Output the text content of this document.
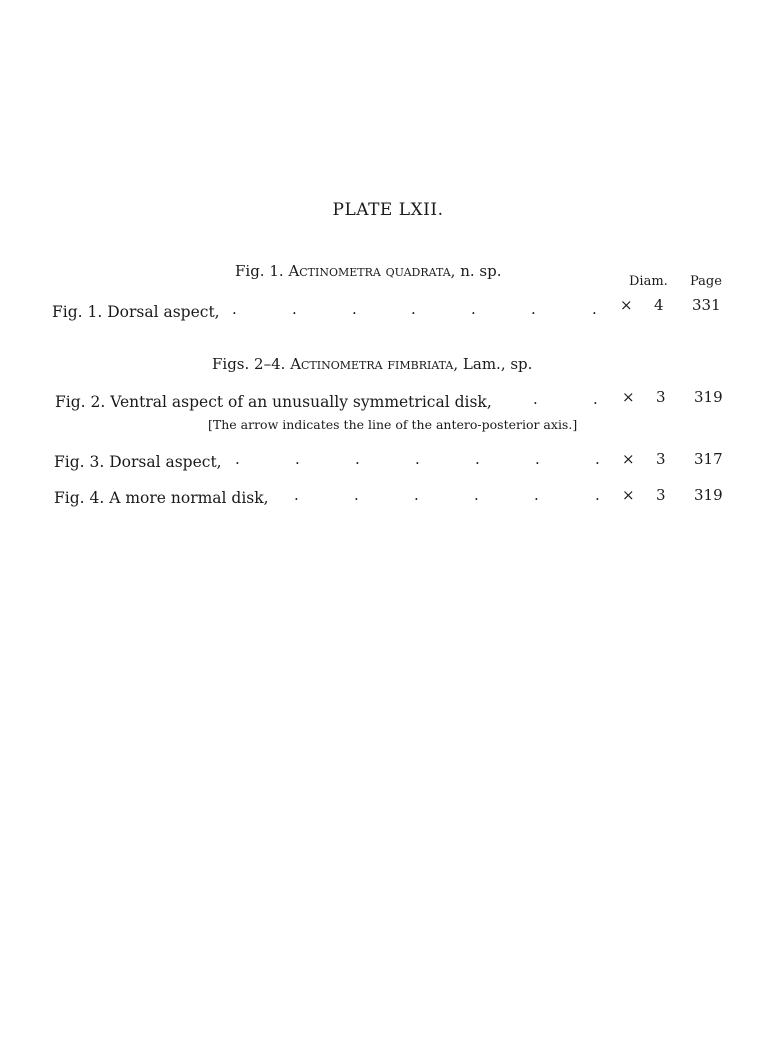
PLATE LXII.
Fig. 1. Actinometra quadrata, n. sp.
Diam. Page
Fig. 1. Dorsal aspect, .	.	.	.	.	.	. × 4 331
Figs. 2–4. Actinometra fimbriata, Lam., sp.
Fig. 2. Ventral aspect of an unusually symmetrical disk,	.	. × 3 319
[The arrow indicates the line of the antero-posterior axis.]
Fig. 3. Dorsal aspect, .	.	.	.	.	.	. × 3 317
Fig. 4. A more normal disk, .	.	.	.	.	. × 3 319
